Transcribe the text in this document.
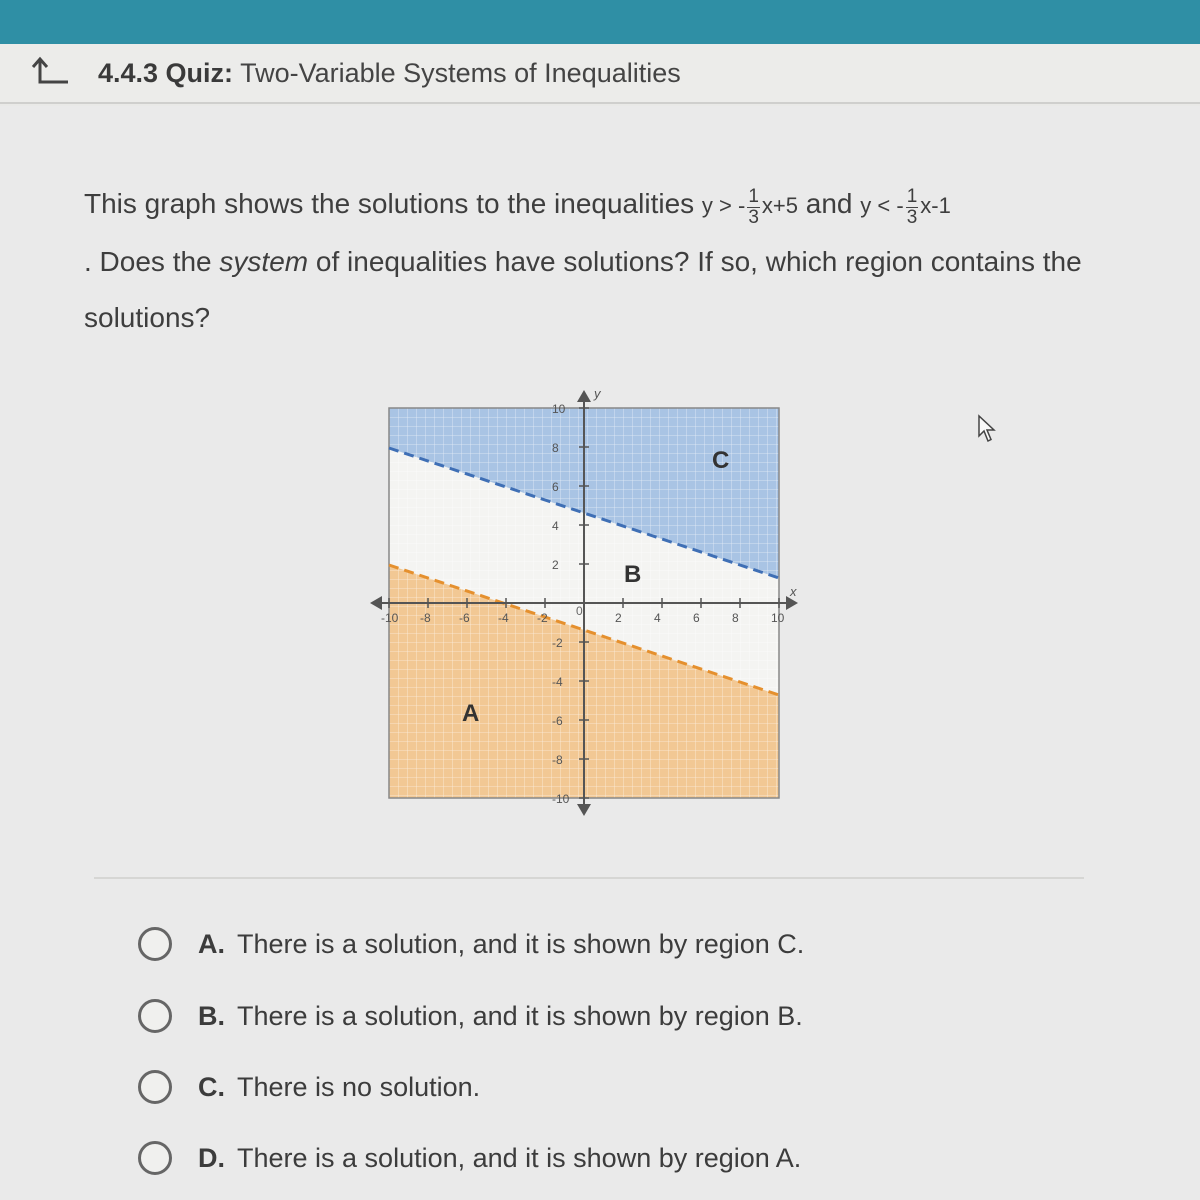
4.4.3 Quiz: Two-Variable Systems of Inequalities
This graph shows the solutions to the inequalities y > - $\frac{1}{3} x+5$ and y < - $\frac{1}{3} x-1$
. Does the system of inequalities have solutions? If so, which region contains the solutions?
-10 -8 -6 -4 -2	2	4	6	8	10
10
8
6
4
2
-2
-4
-6
-8
-10
y
x
0
A
B
C
A. There is a solution, and it is shown by region C.
B. There is a solution, and it is shown by region B.
C. There is no solution.
D. There is a solution, and it is shown by region A.
